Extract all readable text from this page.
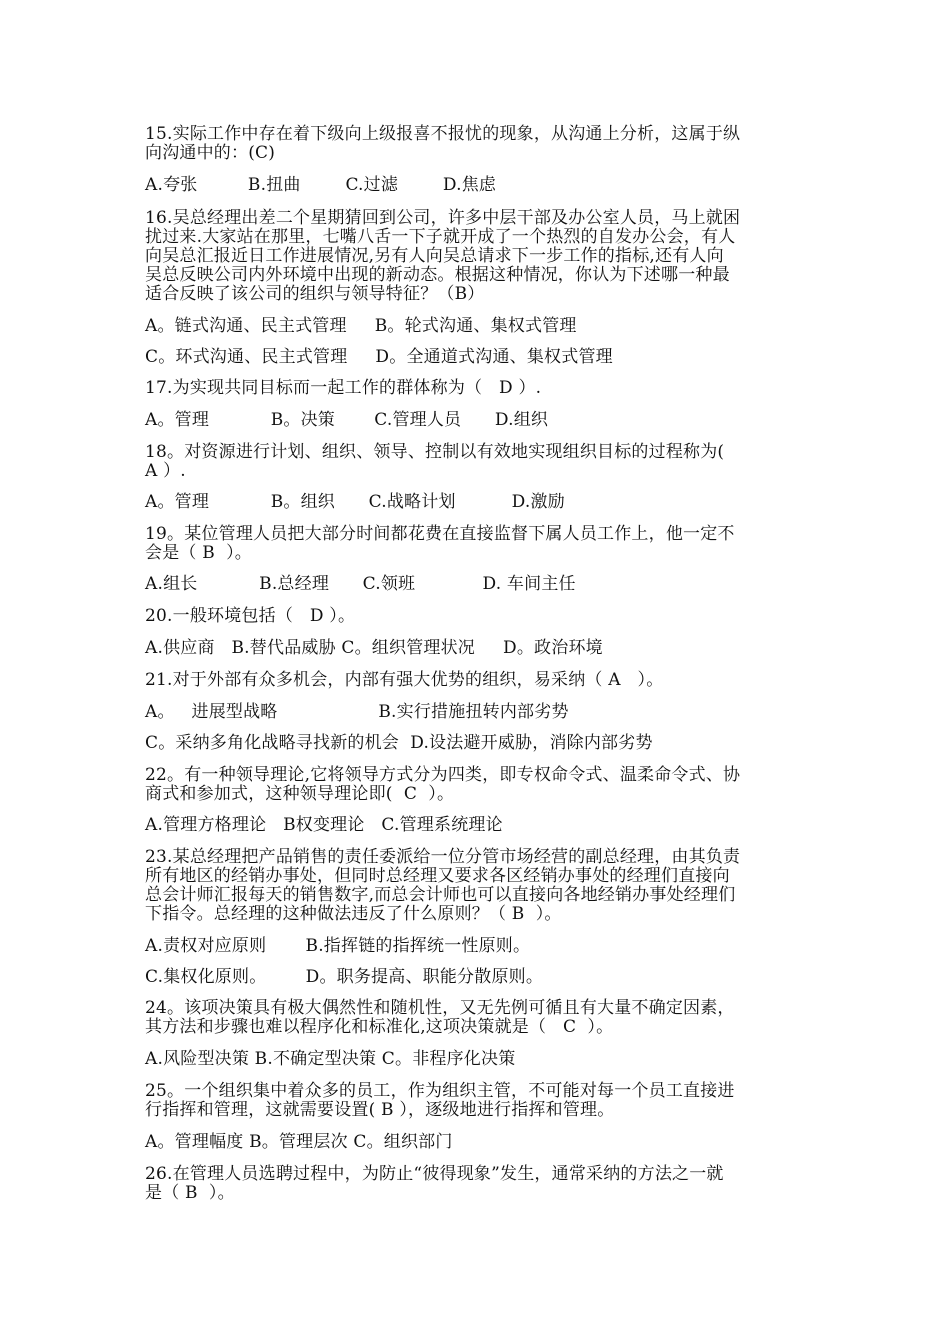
15.实际工作中存在着下级向上级报喜不报忧的现象，从沟通上分析，这属于纵
向沟通中的：(C)
A.夸张         B.扭曲        C.过滤        D.焦虑
16.吴总经理出差二个星期猜回到公司，许多中层干部及办公室人员，马上就困
扰过来.大家站在那里，七嘴八舌一下子就开成了一个热烈的自发办公会，有人
向吴总汇报近日工作进展情况,另有人向吴总请求下一步工作的指标,还有人向
吴总反映公司内外环境中出现的新动态。根据这种情况，你认为下述哪一种最
适合反映了该公司的组织与领导特征？（B）
A。链式沟通、民主式管理     B。轮式沟通、集权式管理
C。环式沟通、民主式管理     D。全通道式沟通、集权式管理
17.为实现共同目标而一起工作的群体称为（   D ）.
A。管理           B。决策       C.管理人员      D.组织
18。对资源进行计划、组织、领导、控制以有效地实现组织目标的过程称为(
A ）.
A。管理           B。组织      C.战略计划          D.激励
19。某位管理人员把大部分时间都花费在直接监督下属人员工作上，他一定不
会是（ B  ）。
A.组长           B.总经理      C.领班            D. 车间主任
20.一般环境包括（   D ）。
A.供应商   B.替代品威胁 C。组织管理状况     D。政治环境
21.对于外部有众多机会，内部有强大优势的组织，易采纳（ A   ）。
A。   进展型战略                  B.实行措施扭转内部劣势
C。采纳多角化战略寻找新的机会  D.设法避开威胁，消除内部劣势
22。有一种领导理论,它将领导方式分为四类，即专权命令式、温柔命令式、协
商式和参加式，这种领导理论即(  C  ）。
A.管理方格理论   B权变理论   C.管理系统理论
23.某总经理把产品销售的责任委派给一位分管市场经营的副总经理，由其负责
所有地区的经销办事处，但同时总经理又要求各区经销办事处的经理们直接向
总会计师汇报每天的销售数字,而总会计师也可以直接向各地经销办事处经理们
下指令。总经理的这种做法违反了什么原则？（ B  ）。
A.责权对应原则       B.指挥链的指挥统一性原则。
C.集权化原则。       D。职务提高、职能分散原则。
24。该项决策具有极大偶然性和随机性，又无先例可循且有大量不确定因素，
其方法和步骤也难以程序化和标准化,这项决策就是（   C  ）。
A.风险型决策 B.不确定型决策 C。非程序化决策
25。一个组织集中着众多的员工，作为组织主管，不可能对每一个员工直接进
行指挥和管理，这就需要设置( B ），逐级地进行指挥和管理。
A。管理幅度 B。管理层次 C。组织部门
26.在管理人员选聘过程中，为防止“彼得现象”发生，通常采纳的方法之一就
是（ B  ）。
